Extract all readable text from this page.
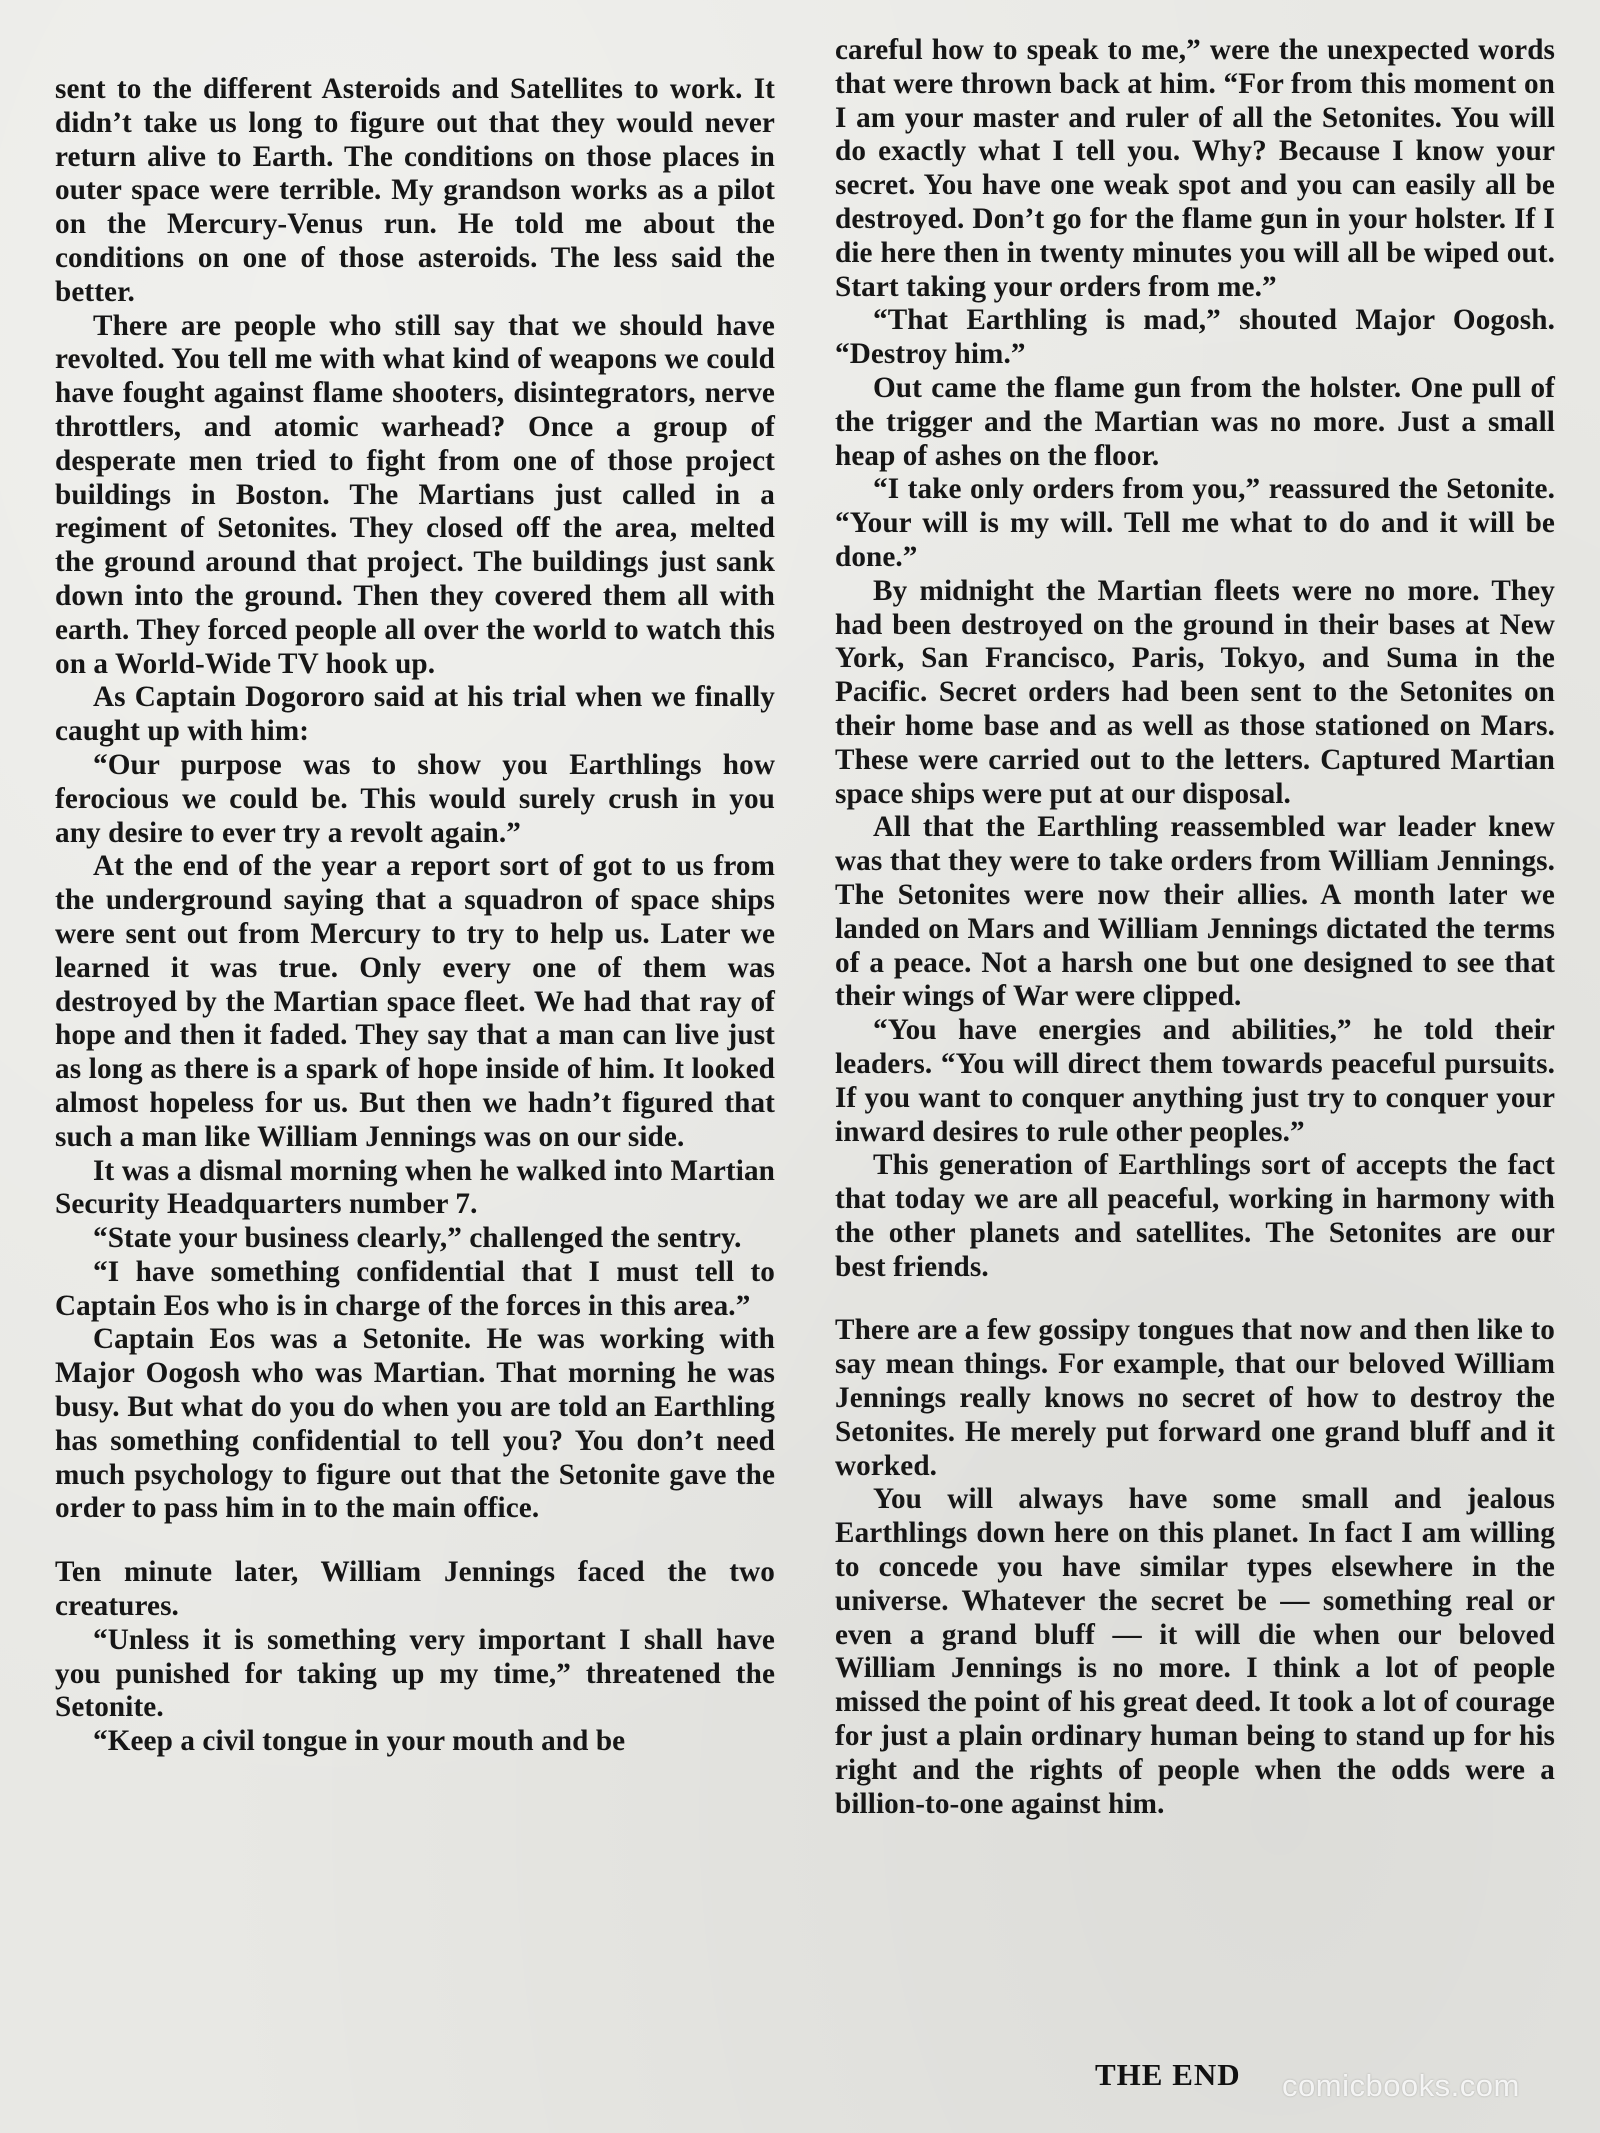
sent to the different Asteroids and Satellites to work. It didn’t take us long to figure out that they would never return alive to Earth. The conditions on those places in outer space were terrible. My grandson works as a pilot on the Mercury-Venus run. He told me about the conditions on one of those asteroids. The less said the better.

There are people who still say that we should have revolted. You tell me with what kind of weapons we could have fought against flame shooters, disintegrators, nerve throttlers, and atomic warhead? Once a group of desperate men tried to fight from one of those project buildings in Boston. The Martians just called in a regiment of Setonites. They closed off the area, melted the ground around that project. The buildings just sank down into the ground. Then they covered them all with earth. They forced people all over the world to watch this on a World-Wide TV hook up.

As Captain Dogororo said at his trial when we finally caught up with him:

“Our purpose was to show you Earthlings how ferocious we could be. This would surely crush in you any desire to ever try a revolt again.”

At the end of the year a report sort of got to us from the underground saying that a squadron of space ships were sent out from Mercury to try to help us. Later we learned it was true. Only every one of them was destroyed by the Martian space fleet. We had that ray of hope and then it faded. They say that a man can live just as long as there is a spark of hope inside of him. It looked almost hopeless for us. But then we hadn’t figured that such a man like William Jennings was on our side.

It was a dismal morning when he walked into Martian Security Headquarters number 7.

“State your business clearly,” challenged the sentry.

“I have something confidential that I must tell to Captain Eos who is in charge of the forces in this area.”

Captain Eos was a Setonite. He was working with Major Oogosh who was Martian. That morning he was busy. But what do you do when you are told an Earthling has something confidential to tell you? You don’t need much psychology to figure out that the Setonite gave the order to pass him in to the main office.

Ten minute later, William Jennings faced the two creatures.

“Unless it is something very important I shall have you punished for taking up my time,” threatened the Setonite.

“Keep a civil tongue in your mouth and be

careful how to speak to me,” were the unexpected words that were thrown back at him. “For from this moment on I am your master and ruler of all the Setonites. You will do exactly what I tell you. Why? Because I know your secret. You have one weak spot and you can easily all be destroyed. Don’t go for the flame gun in your holster. If I die here then in twenty minutes you will all be wiped out. Start taking your orders from me.”

“That Earthling is mad,” shouted Major Oogosh. “Destroy him.”

Out came the flame gun from the holster. One pull of the trigger and the Martian was no more. Just a small heap of ashes on the floor.

“I take only orders from you,” reassured the Setonite. “Your will is my will. Tell me what to do and it will be done.”

By midnight the Martian fleets were no more. They had been destroyed on the ground in their bases at New York, San Francisco, Paris, Tokyo, and Suma in the Pacific. Secret orders had been sent to the Setonites on their home base and as well as those stationed on Mars. These were carried out to the letters. Captured Martian space ships were put at our disposal.

All that the Earthling reassembled war leader knew was that they were to take orders from William Jennings. The Setonites were now their allies. A month later we landed on Mars and William Jennings dictated the terms of a peace. Not a harsh one but one designed to see that their wings of War were clipped.

“You have energies and abilities,” he told their leaders. “You will direct them towards peaceful pursuits. If you want to conquer anything just try to conquer your inward desires to rule other peoples.”

This generation of Earthlings sort of accepts the fact that today we are all peaceful, working in harmony with the other planets and satellites. The Setonites are our best friends.

There are a few gossipy tongues that now and then like to say mean things. For example, that our beloved William Jennings really knows no secret of how to destroy the Setonites. He merely put forward one grand bluff and it worked.

You will always have some small and jealous Earthlings down here on this planet. In fact I am willing to concede you have similar types elsewhere in the universe. Whatever the secret be — something real or even a grand bluff — it will die when our beloved William Jennings is no more. I think a lot of people missed the point of his great deed. It took a lot of courage for just a plain ordinary human being to stand up for his right and the rights of people when the odds were a billion-to-one against him.

THE END comicbooks.com
